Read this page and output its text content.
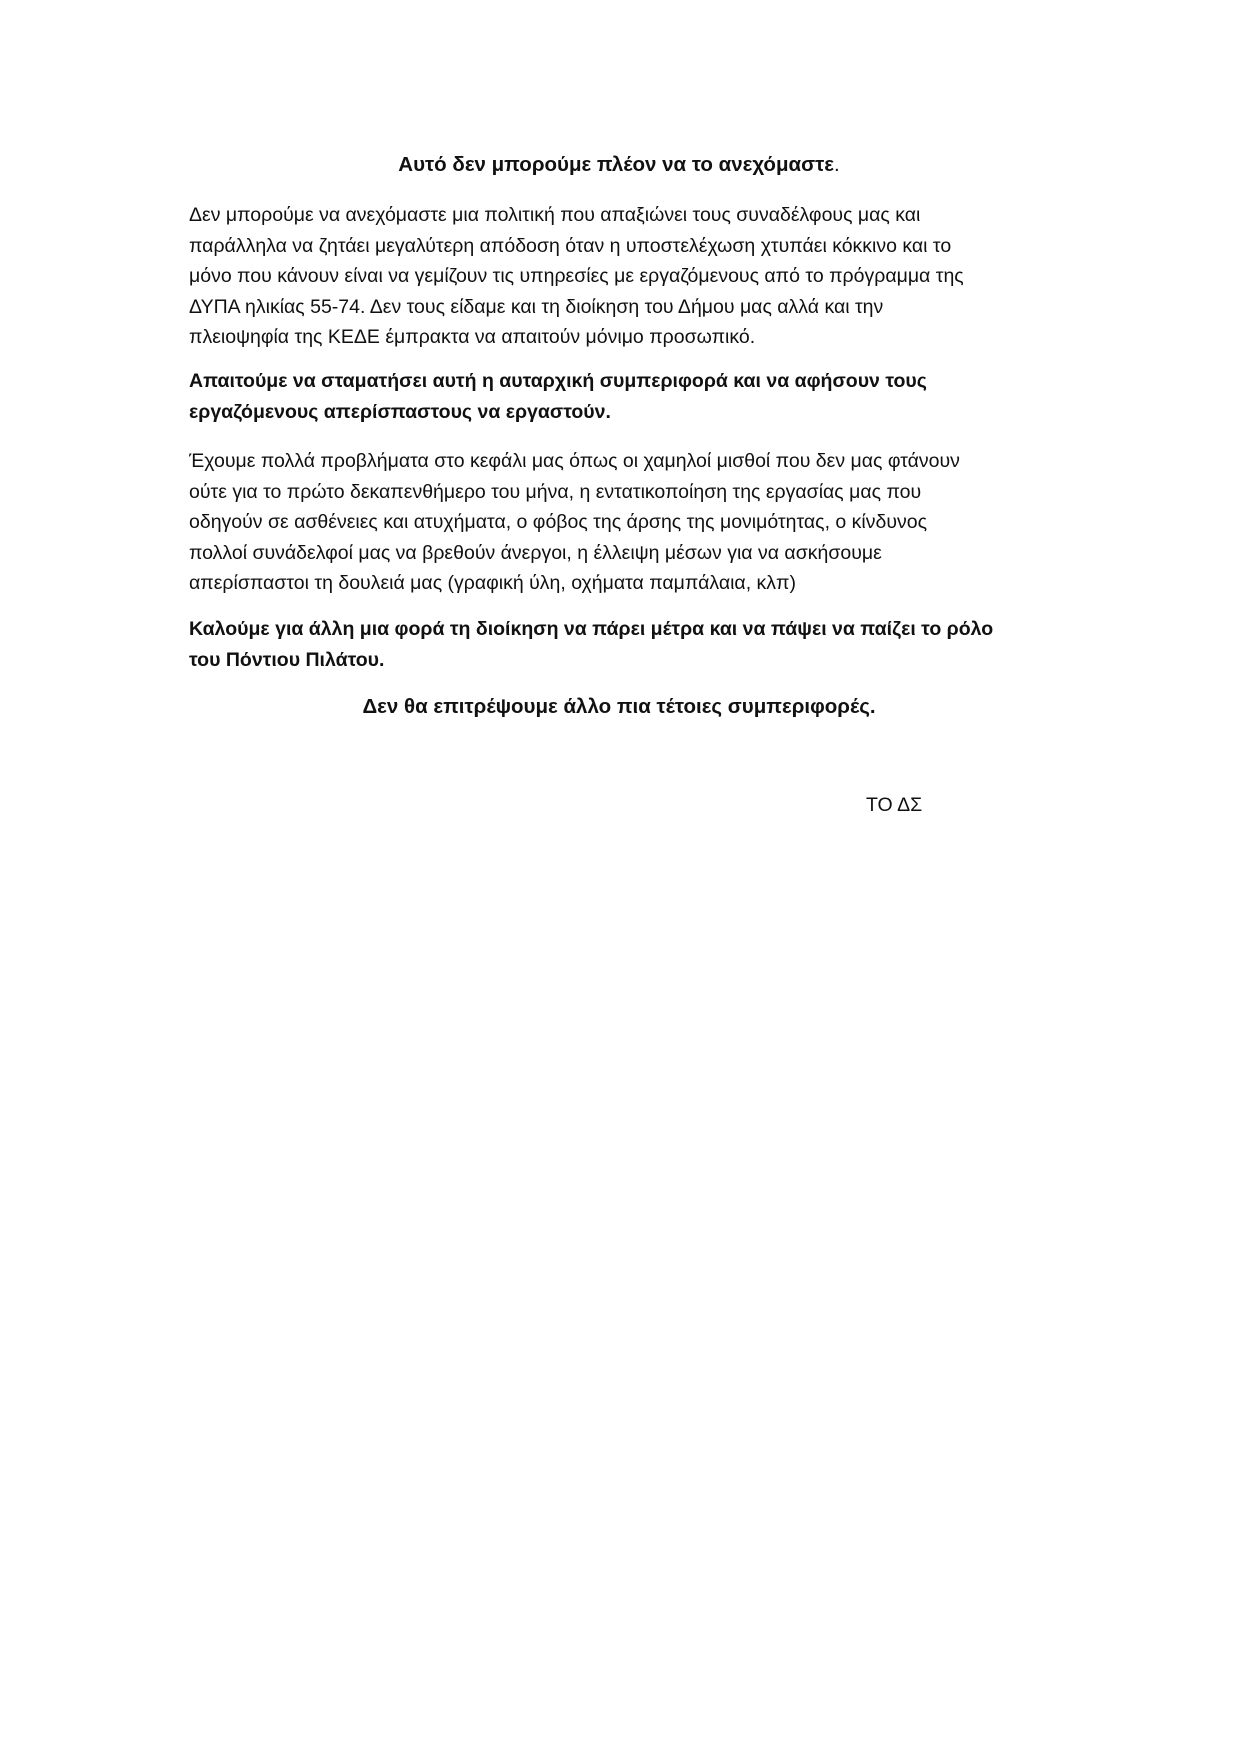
Αυτό δεν μπορούμε πλέον να το ανεχόμαστε.
Δεν μπορούμε να ανεχόμαστε μια πολιτική που απαξιώνει τους συναδέλφους μας και
παράλληλα να ζητάει μεγαλύτερη απόδοση όταν η υποστελέχωση χτυπάει κόκκινο και το
μόνο που κάνουν είναι να γεμίζουν τις υπηρεσίες με εργαζόμενους από το πρόγραμμα της
ΔΥΠΑ ηλικίας 55-74. Δεν τους είδαμε και τη διοίκηση του Δήμου μας αλλά και την
πλειοψηφία της ΚΕΔΕ έμπρακτα να απαιτούν μόνιμο προσωπικό.
Απαιτούμε να σταματήσει αυτή η αυταρχική συμπεριφορά και να αφήσουν τους
εργαζόμενους απερίσπαστους να εργαστούν.
Έχουμε πολλά προβλήματα στο κεφάλι μας όπως οι χαμηλοί μισθοί που δεν μας φτάνουν
ούτε για το πρώτο δεκαπενθήμερο του μήνα, η εντατικοποίηση της εργασίας μας που
οδηγούν σε ασθένειες και ατυχήματα, ο φόβος της άρσης της μονιμότητας, ο κίνδυνος
πολλοί συνάδελφοί μας να βρεθούν άνεργοι, η έλλειψη μέσων για να ασκήσουμε
απερίσπαστοι τη δουλειά μας (γραφική ύλη, οχήματα παμπάλαια, κλπ)
Καλούμε για άλλη μια φορά τη διοίκηση να πάρει μέτρα και να πάψει να παίζει το ρόλο
του Πόντιου Πιλάτου.
Δεν θα επιτρέψουμε άλλο πια τέτοιες συμπεριφορές.
ΤΟ ΔΣ
